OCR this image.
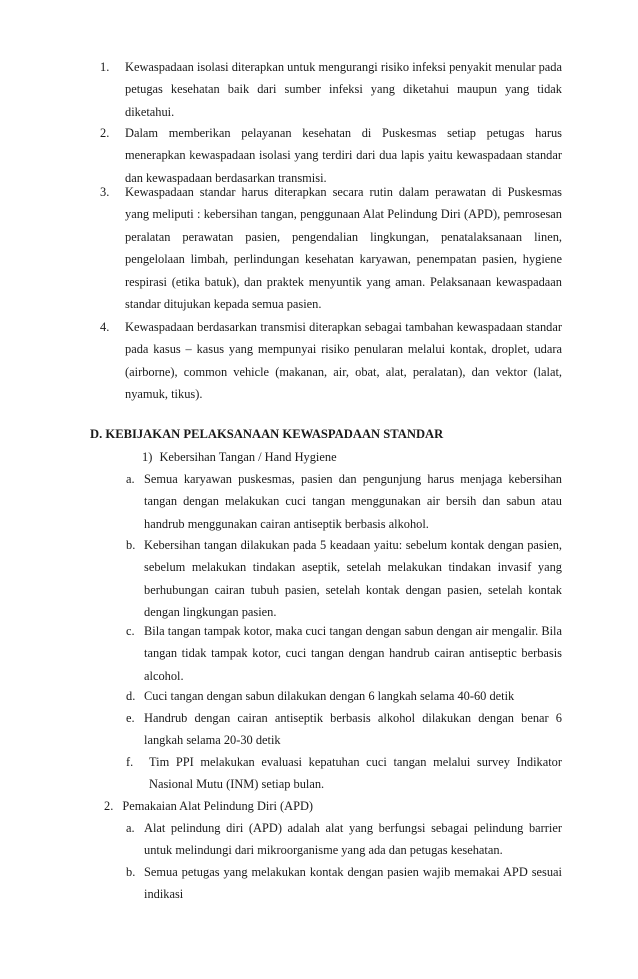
1. Kewaspadaan isolasi diterapkan untuk mengurangi risiko infeksi penyakit menular pada petugas kesehatan baik dari sumber infeksi yang diketahui maupun yang tidak diketahui.
2. Dalam memberikan pelayanan kesehatan di Puskesmas setiap petugas harus menerapkan kewaspadaan isolasi yang terdiri dari dua lapis yaitu kewaspadaan standar dan kewaspadaan berdasarkan transmisi.
3. Kewaspadaan standar harus diterapkan secara rutin dalam perawatan di Puskesmas yang meliputi : kebersihan tangan, penggunaan Alat Pelindung Diri (APD), pemrosesan peralatan perawatan pasien, pengendalian lingkungan, penatalaksanaan linen, pengelolaan limbah, perlindungan kesehatan karyawan, penempatan pasien, hygiene respirasi (etika batuk), dan praktek menyuntik yang aman. Pelaksanaan kewaspadaan standar ditujukan kepada semua pasien.
4. Kewaspadaan berdasarkan transmisi diterapkan sebagai tambahan kewaspadaan standar pada kasus – kasus yang mempunyai risiko penularan melalui kontak, droplet, udara (airborne), common vehicle (makanan, air, obat, alat, peralatan), dan vektor (lalat, nyamuk, tikus).
D. KEBIJAKAN PELAKSANAAN KEWASPADAAN STANDAR
1) Kebersihan Tangan / Hand Hygiene
a. Semua karyawan puskesmas, pasien dan pengunjung harus menjaga kebersihan tangan dengan melakukan cuci tangan menggunakan air bersih dan sabun atau handrub menggunakan cairan antiseptik berbasis alkohol.
b. Kebersihan tangan dilakukan pada 5 keadaan yaitu: sebelum kontak dengan pasien, sebelum melakukan tindakan aseptik, setelah melakukan tindakan invasif yang berhubungan cairan tubuh pasien, setelah kontak dengan pasien, setelah kontak dengan lingkungan pasien.
c. Bila tangan tampak kotor, maka cuci tangan dengan sabun dengan air mengalir. Bila tangan tidak tampak kotor, cuci tangan dengan handrub cairan antiseptic berbasis alcohol.
d. Cuci tangan dengan sabun dilakukan dengan 6 langkah selama 40-60 detik
e. Handrub dengan cairan antiseptik berbasis alkohol dilakukan dengan benar 6 langkah selama 20-30 detik
f. Tim PPI melakukan evaluasi kepatuhan cuci tangan melalui survey Indikator Nasional Mutu (INM) setiap bulan.
2. Pemakaian Alat Pelindung Diri (APD)
a. Alat pelindung diri (APD) adalah alat yang berfungsi sebagai pelindung barrier untuk melindungi dari mikroorganisme yang ada dan petugas kesehatan.
b. Semua petugas yang melakukan kontak dengan pasien wajib memakai APD sesuai indikasi
